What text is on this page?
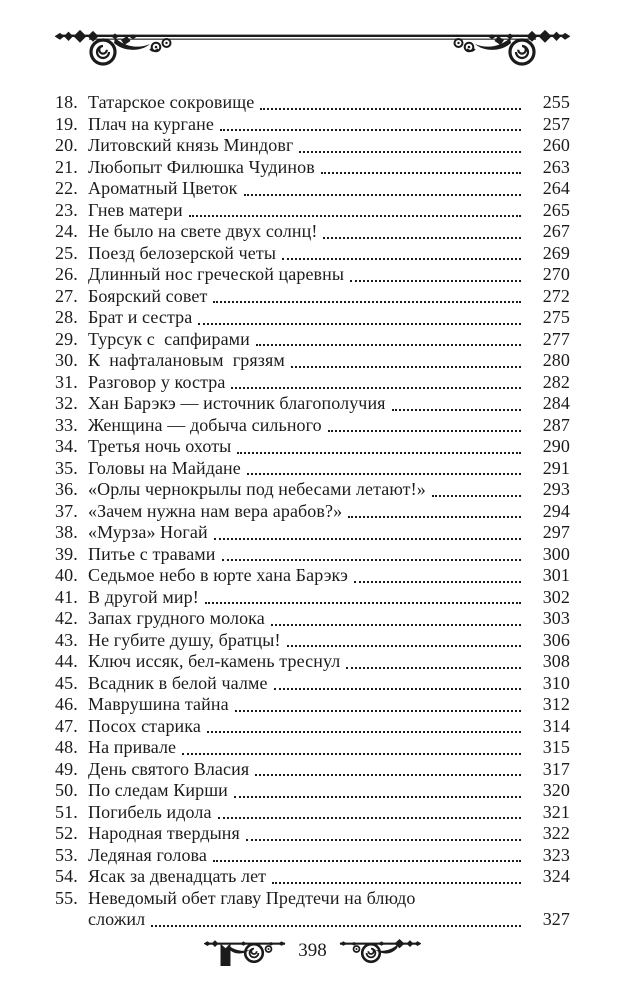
18. Татарское сокровище	255
19. Плач на кургане	257
20. Литовский князь Миндовг	260
21. Любопыт Филюшка Чудинов	263
22. Ароматный Цветок	264
23. Гнев матери	265
24. Не было на свете двух солнц!	267
25. Поезд белозерской четы	269
26. Длинный нос греческой царевны	270
27. Боярский совет	272
28. Брат и сестра	275
29. Турсук с  сапфирами	277
30. К  нафталановым  грязям	280
31. Разговор у костра	282
32. Хан Барэкэ — источник благополучия	284
33. Женщина — добыча сильного	287
34. Третья ночь охоты	290
35. Головы на Майдане	291
36. «Орлы чернокрылы под небесами летают!»	293
37. «Зачем нужна нам вера арабов?»	294
38. «Мурза» Ногай	297
39. Питье с травами	300
40. Седьмое небо в юрте хана Барэкэ	301
41. В другой мир!	302
42. Запах грудного молока	303
43. Не губите душу, братцы!	306
44. Ключ иссяк, бел-камень треснул	308
45. Всадник в белой чалме	310
46. Маврушина тайна	312
47. Посох старика	314
48. На привале	315
49. День святого Власия	317
50. По следам Кирши	320
51. Погибель идола	321
52. Народная твердыня	322
53. Ледяная голова	323
54. Ясак за двенадцать лет	324
55. Неведомый обет главу Предтечи на блюдо
сложил	327
398
